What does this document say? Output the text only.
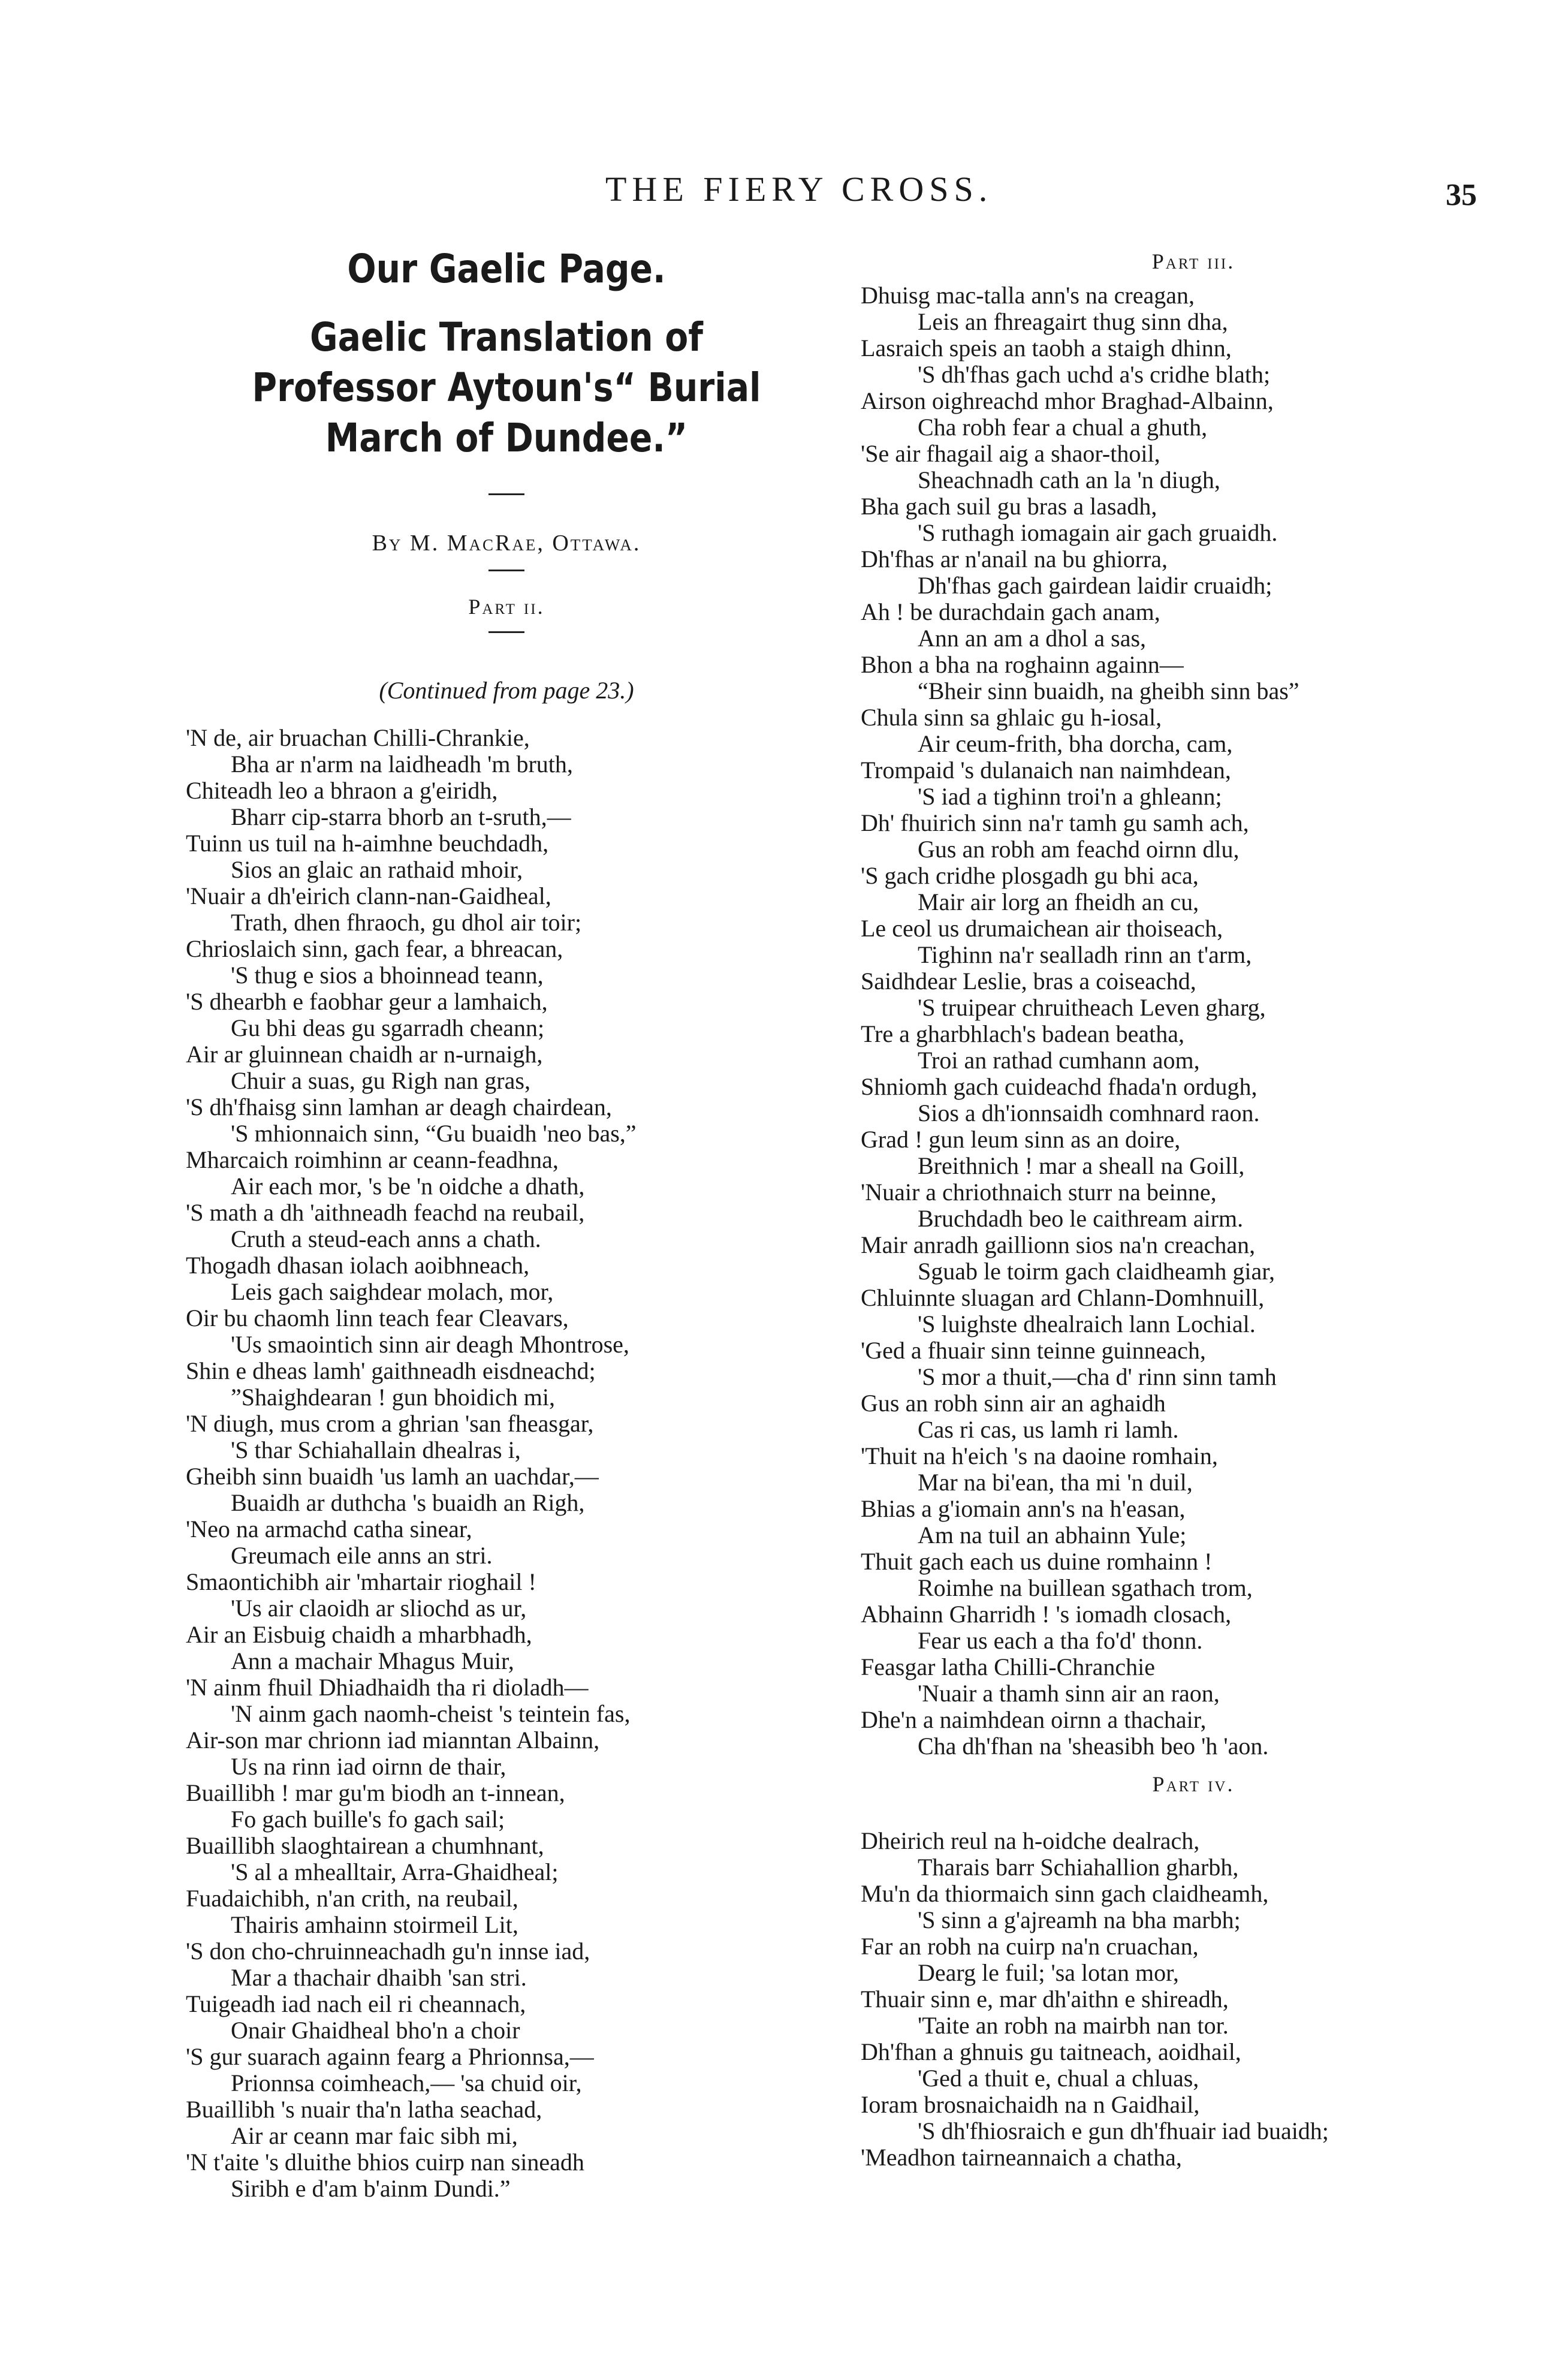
THE FIERY CROSS.	35
Our Gaelic Page.
Gaelic Translation of Professor Aytoun's“ Burial March of Dundee.”
By M. MacRae, Ottawa.
Part ii.
(Continued from page 23.)
'N de, air bruachan Chilli-Chrankie,
Bha ar n'arm na laidheadh 'm bruth,
Chiteadh leo a bhraon a g'eiridh,
Bharr cip-starra bhorb an t-sruth,—
Tuinn us tuil na h-aimhne beuchdadh,
Sios an glaic an rathaid mhoir,
'Nuair a dh'eirich clann-nan-Gaidheal,
Trath, dhen fhraoch, gu dhol air toir;
Chrioslaich sinn, gach fear, a bhreacan,
'S thug e sios a bhoinnead teann,
'S dhearbh e faobhar geur a lamhaich,
Gu bhi deas gu sgarradh cheann;
Air ar gluinnean chaidh ar n-urnaigh,
Chuir a suas, gu Righ nan gras,
'S dh'fhaisg sinn lamhan ar deagh chairdean,
'S mhionnaich sinn, “Gu buaidh 'neo bas,”
Mharcaich roimhinn ar ceann-feadhna,
Air each mor, 's be 'n oidche a dhath,
'S math a dh 'aithneadh feachd na reubail,
Cruth a steud-each anns a chath.
Thogadh dhasan iolach aoibhneach,
Leis gach saighdear molach, mor,
Oir bu chaomh linn teach fear Cleavars,
'Us smaointich sinn air deagh Mhontrose,
Shin e dheas lamh' gaithneadh eisdneachd;
”Shaighdearan ! gun bhoidich mi,
'N diugh, mus crom a ghrian 'san fheasgar,
'S thar Schiahallain dhealras i,
Gheibh sinn buaidh 'us lamh an uachdar,—
Buaidh ar duthcha 's buaidh an Righ,
'Neo na armachd catha sinear,
Greumach eile anns an stri.
Smaontichibh air 'mhartair rioghail !
'Us air claoidh ar sliochd as ur,
Air an Eisbuig chaidh a mharbhadh,
Ann a machair Mhagus Muir,
'N ainm fhuil Dhiadhaidh tha ri dioladh—
'N ainm gach naomh-cheist 's teintein fas,
Air-son mar chrionn iad mianntan Albainn,
Us na rinn iad oirnn de thair,
Buaillibh ! mar gu'm biodh an t-innean,
Fo gach buille's fo gach sail;
Buaillibh slaoghtairean a chumhnant,
'S al a mhealltair, Arra-Ghaidheal;
Fuadaichibh, n'an crith, na reubail,
Thairis amhainn stoirmeil Lit,
'S don cho-chruinneachadh gu'n innse iad,
Mar a thachair dhaibh 'san stri.
Tuigeadh iad nach eil ri cheannach,
Onair Ghaidheal bho'n a choir
'S gur suarach againn fearg a Phrionnsa,—
Prionnsa coimheach,— 'sa chuid oir,
Buaillibh 's nuair tha'n latha seachad,
Air ar ceann mar faic sibh mi,
'N t'aite 's dluithe bhios cuirp nan sineadh
Siribh e d'am b'ainm Dundi.”
Part iii.
Dhuisg mac-talla ann's na creagan,
Leis an fhreagairt thug sinn dha,
Lasraich speis an taobh a staigh dhinn,
'S dh'fhas gach uchd a's cridhe blath;
Airson oighreachd mhor Braghad-Albainn,
Cha robh fear a chual a ghuth,
'Se air fhagail aig a shaor-thoil,
Sheachnadh cath an la 'n diugh,
Bha gach suil gu bras a lasadh,
'S ruthagh iomagain air gach gruaidh.
Dh'fhas ar n'anail na bu ghiorra,
Dh'fhas gach gairdean laidir cruaidh;
Ah ! be durachdain gach anam,
Ann an am a dhol a sas,
Bhon a bha na roghainn againn—
“Bheir sinn buaidh, na gheibh sinn bas”
Chula sinn sa ghlaic gu h-iosal,
Air ceum-frith, bha dorcha, cam,
Trompaid 's dulanaich nan naimhdean,
'S iad a tighinn troi'n a ghleann;
Dh' fhuirich sinn na'r tamh gu samh ach,
Gus an robh am feachd oirnn dlu,
'S gach cridhe plosgadh gu bhi aca,
Mair air lorg an fheidh an cu,
Le ceol us drumaichean air thoiseach,
Tighinn na'r sealladh rinn an t'arm,
Saidhdear Leslie, bras a coiseachd,
'S truipear chruitheach Leven gharg,
Tre a gharbhlach's badean beatha,
Troi an rathad cumhann aom,
Shniomh gach cuideachd fhada'n ordugh,
Sios a dh'ionnsaidh comhnard raon.
Grad ! gun leum sinn as an doire,
Breithnich ! mar a sheall na Goill,
'Nuair a chriothnaich sturr na beinne,
Bruchdadh beo le caithream airm.
Mair anradh gaillionn sios na'n creachan,
Sguab le toirm gach claidheamh giar,
Chluinnte sluagan ard Chlann-Domhnuill,
'S luighste dhealraich lann Lochial.
'Ged a fhuair sinn teinne guinneach,
'S mor a thuit,—cha d' rinn sinn tamh
Gus an robh sinn air an aghaidh
Cas ri cas, us lamh ri lamh.
'Thuit na h'eich 's na daoine romhain,
Mar na bi'ean, tha mi 'n duil,
Bhias a g'iomain ann's na h'easan,
Am na tuil an abhainn Yule;
Thuit gach each us duine romhainn !
Roimhe na buillean sgathach trom,
Abhainn Gharridh ! 's iomadh closach,
Fear us each a tha fo'd' thonn.
Feasgar latha Chilli-Chranchie
'Nuair a thamh sinn air an raon,
Dhe'n a naimhdean oirnn a thachair,
Cha dh'fhan na 'sheasibh beo 'h 'aon.
Part iv.
Dheirich reul na h-oidche dealrach,
Tharais barr Schiahallion gharbh,
Mu'n da thiormaich sinn gach claidheamh,
'S sinn a g'ajreamh na bha marbh;
Far an robh na cuirp na'n cruachan,
Dearg le fuil; 'sa lotan mor,
Thuair sinn e, mar dh'aithn e shireadh,
'Taite an robh na mairbh nan tor.
Dh'fhan a ghnuis gu taitneach, aoidhail,
'Ged a thuit e, chual a chluas,
Ioram brosnaichaidh na n Gaidhail,
'S dh'fhiosraich e gun dh'fhuair iad buaidh;
'Meadhon tairneannaich a chatha,
